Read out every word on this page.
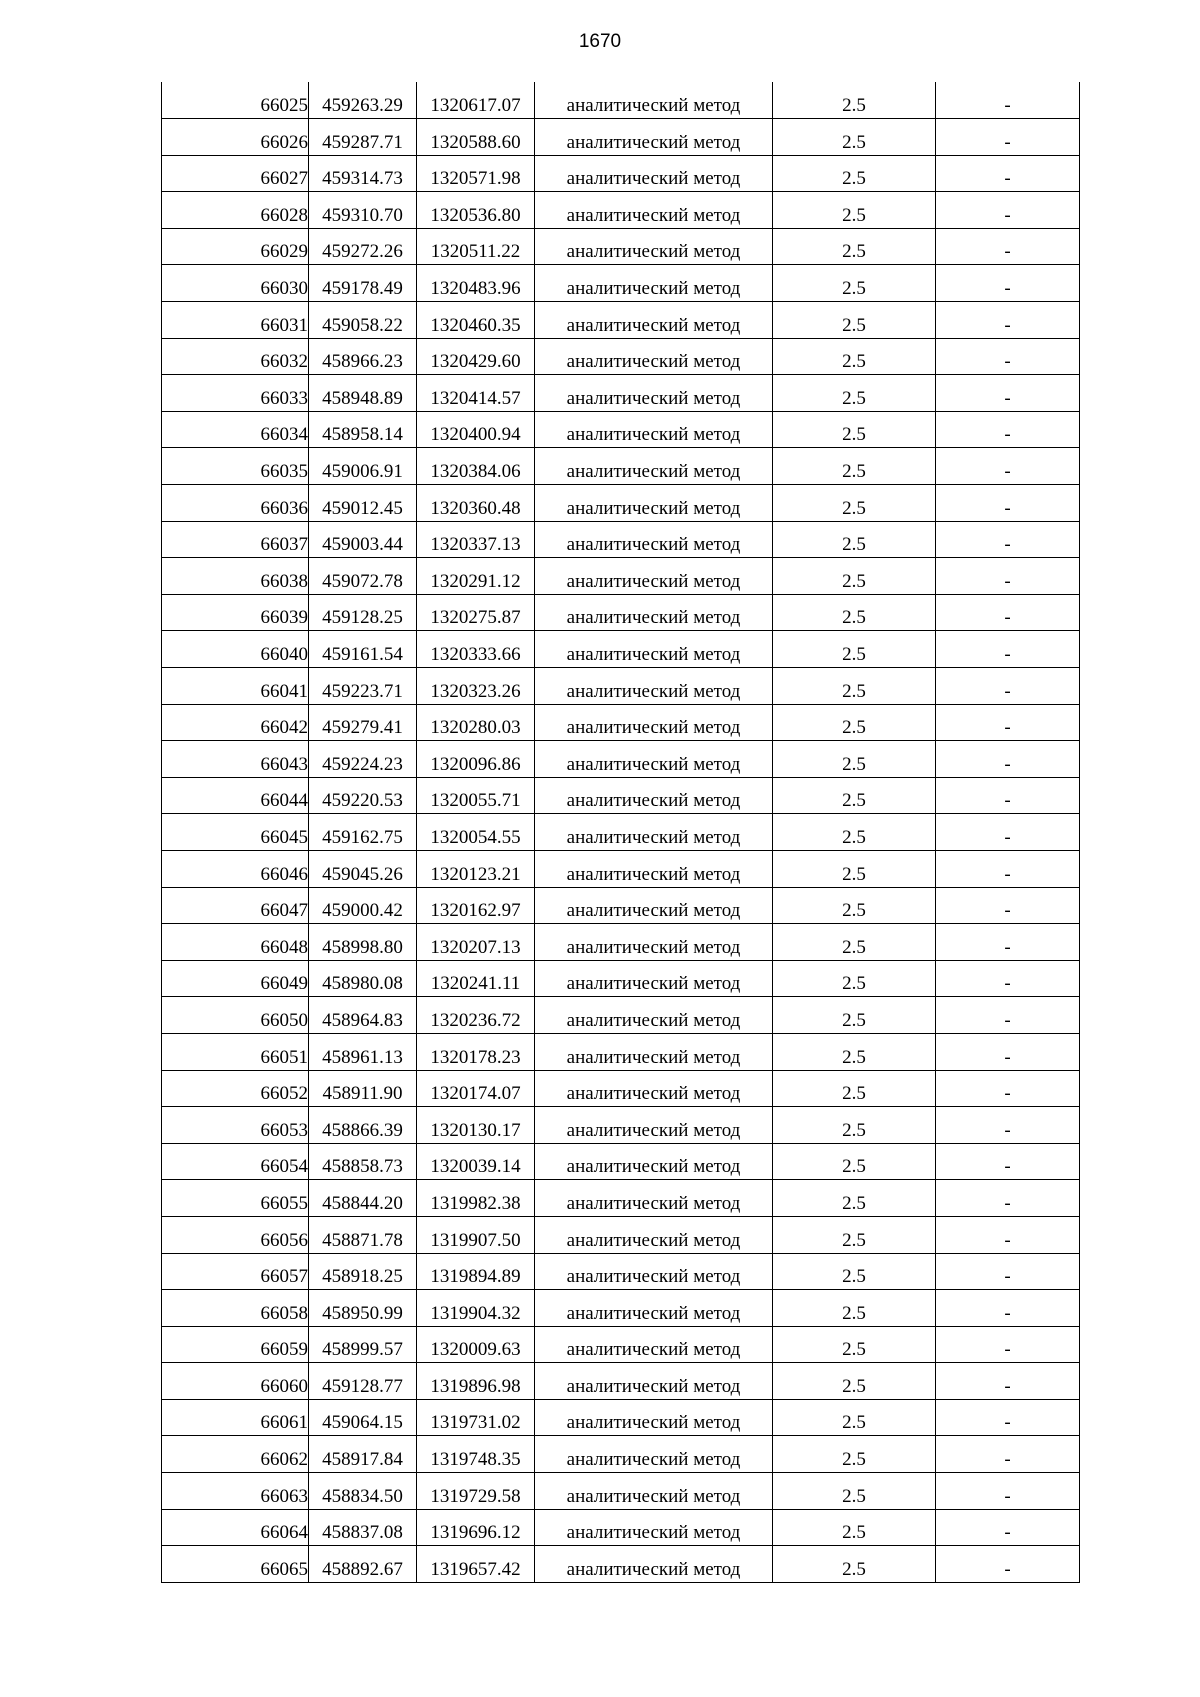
1670
66025	459263.29	1320617.07	аналитический метод	2.5	-
66026	459287.71	1320588.60	аналитический метод	2.5	-
66027	459314.73	1320571.98	аналитический метод	2.5	-
66028	459310.70	1320536.80	аналитический метод	2.5	-
66029	459272.26	1320511.22	аналитический метод	2.5	-
66030	459178.49	1320483.96	аналитический метод	2.5	-
66031	459058.22	1320460.35	аналитический метод	2.5	-
66032	458966.23	1320429.60	аналитический метод	2.5	-
66033	458948.89	1320414.57	аналитический метод	2.5	-
66034	458958.14	1320400.94	аналитический метод	2.5	-
66035	459006.91	1320384.06	аналитический метод	2.5	-
66036	459012.45	1320360.48	аналитический метод	2.5	-
66037	459003.44	1320337.13	аналитический метод	2.5	-
66038	459072.78	1320291.12	аналитический метод	2.5	-
66039	459128.25	1320275.87	аналитический метод	2.5	-
66040	459161.54	1320333.66	аналитический метод	2.5	-
66041	459223.71	1320323.26	аналитический метод	2.5	-
66042	459279.41	1320280.03	аналитический метод	2.5	-
66043	459224.23	1320096.86	аналитический метод	2.5	-
66044	459220.53	1320055.71	аналитический метод	2.5	-
66045	459162.75	1320054.55	аналитический метод	2.5	-
66046	459045.26	1320123.21	аналитический метод	2.5	-
66047	459000.42	1320162.97	аналитический метод	2.5	-
66048	458998.80	1320207.13	аналитический метод	2.5	-
66049	458980.08	1320241.11	аналитический метод	2.5	-
66050	458964.83	1320236.72	аналитический метод	2.5	-
66051	458961.13	1320178.23	аналитический метод	2.5	-
66052	458911.90	1320174.07	аналитический метод	2.5	-
66053	458866.39	1320130.17	аналитический метод	2.5	-
66054	458858.73	1320039.14	аналитический метод	2.5	-
66055	458844.20	1319982.38	аналитический метод	2.5	-
66056	458871.78	1319907.50	аналитический метод	2.5	-
66057	458918.25	1319894.89	аналитический метод	2.5	-
66058	458950.99	1319904.32	аналитический метод	2.5	-
66059	458999.57	1320009.63	аналитический метод	2.5	-
66060	459128.77	1319896.98	аналитический метод	2.5	-
66061	459064.15	1319731.02	аналитический метод	2.5	-
66062	458917.84	1319748.35	аналитический метод	2.5	-
66063	458834.50	1319729.58	аналитический метод	2.5	-
66064	458837.08	1319696.12	аналитический метод	2.5	-
66065	458892.67	1319657.42	аналитический метод	2.5	-
